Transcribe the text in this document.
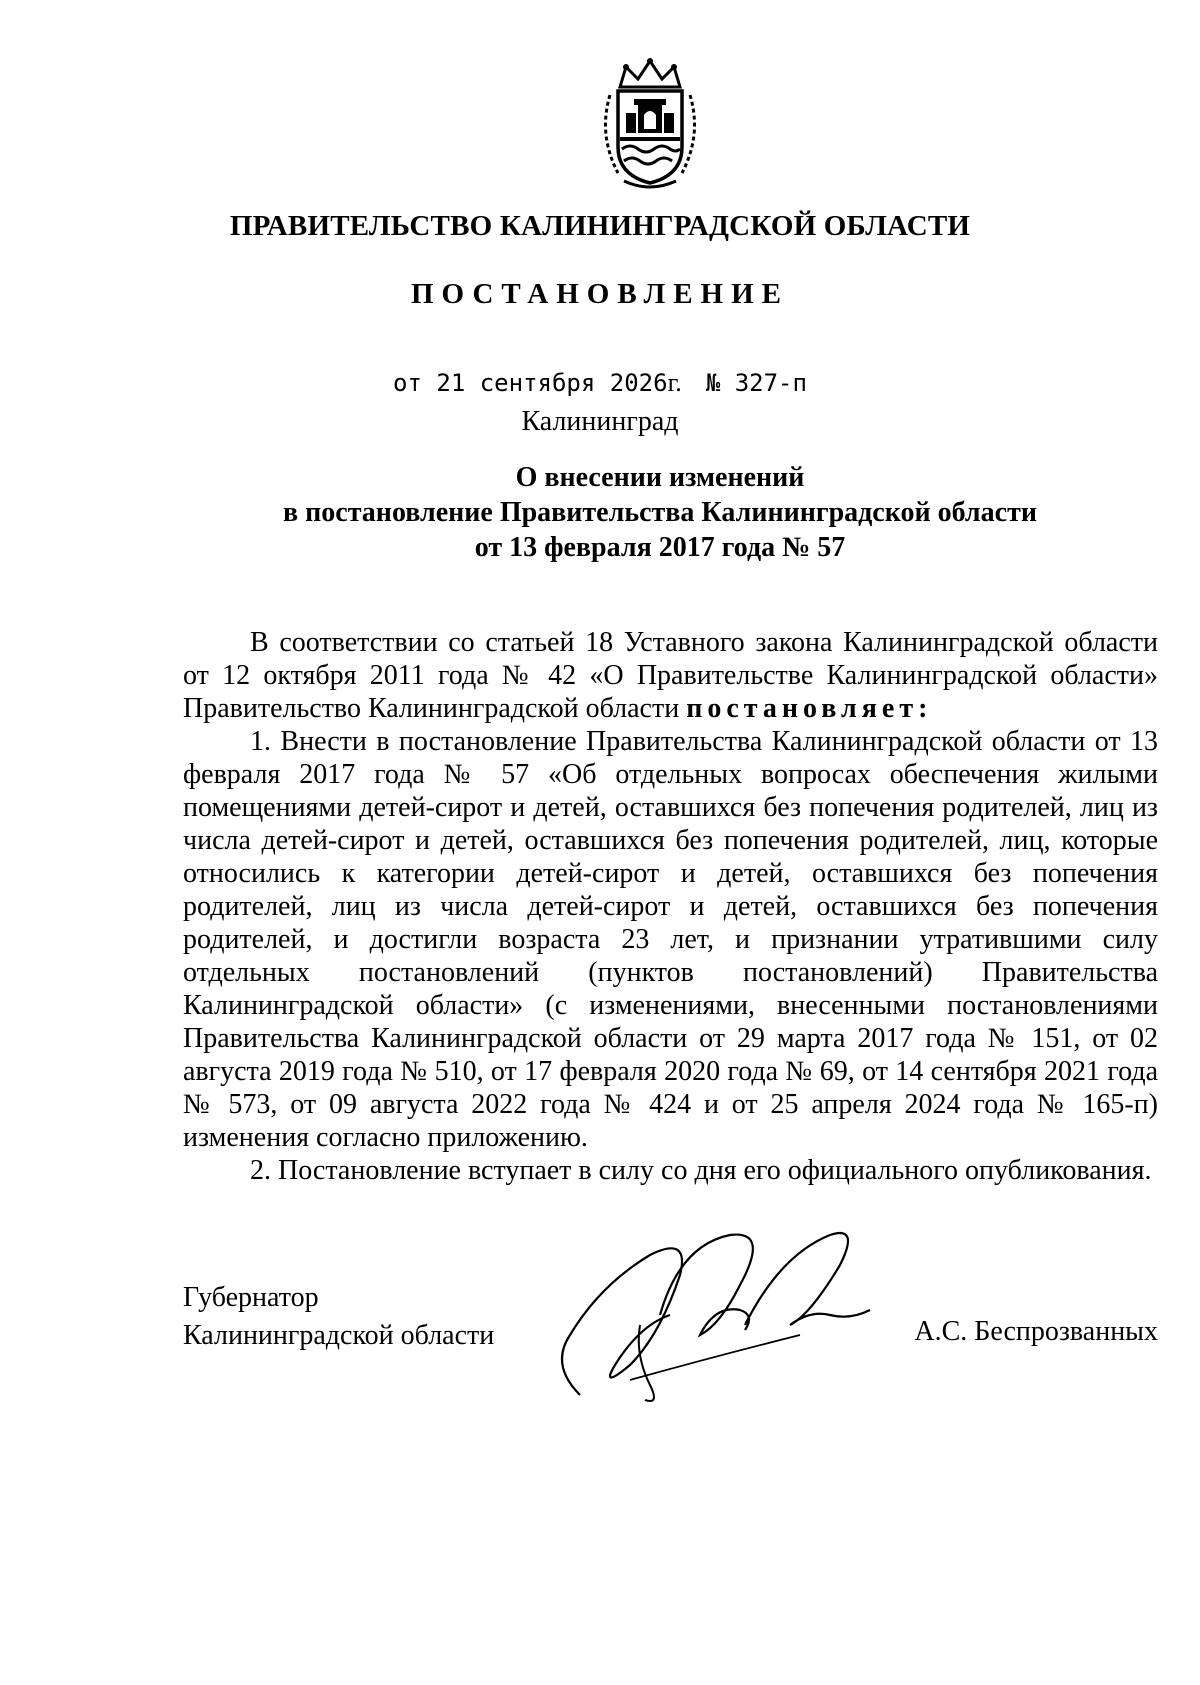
ПРАВИТЕЛЬСТВО КАЛИНИНГРАДСКОЙ ОБЛАСТИ
ПОСТАНОВЛЕНИЕ
от 21 сентября 2026г. № 327-п
Калининград
О внесении изменений
в постановление Правительства Калининградской области
от 13 февраля 2017 года № 57

В соответствии со статьей 18 Уставного закона Калининградской области от 12 октября 2011 года № 42 «О Правительстве Калининградской области» Правительство Калининградской области постановляет:

1. Внести в постановление Правительства Калининградской области от 13 февраля 2017 года № 57 «Об отдельных вопросах обеспечения жилыми помещениями детей-сирот и детей, оставшихся без попечения родителей, лиц из числа детей-сирот и детей, оставшихся без попечения родителей, лиц, которые относились к категории детей-сирот и детей, оставшихся без попечения родителей, лиц из числа детей-сирот и детей, оставшихся без попечения родителей, и достигли возраста 23 лет, и признании утратившими силу отдельных постановлений (пунктов постановлений) Правительства Калининградской области» (с изменениями, внесенными постановлениями Правительства Калининградской области от 29 марта 2017 года № 151, от 02 августа 2019 года № 510, от 17 февраля 2020 года № 69, от 14 сентября 2021 года № 573, от 09 августа 2022 года № 424 и от 25 апреля 2024 года № 165-п) изменения согласно приложению.

2. Постановление вступает в силу со дня его официального опубликования.

Губернатор
Калининградской области	А.С. Беспрозванных
